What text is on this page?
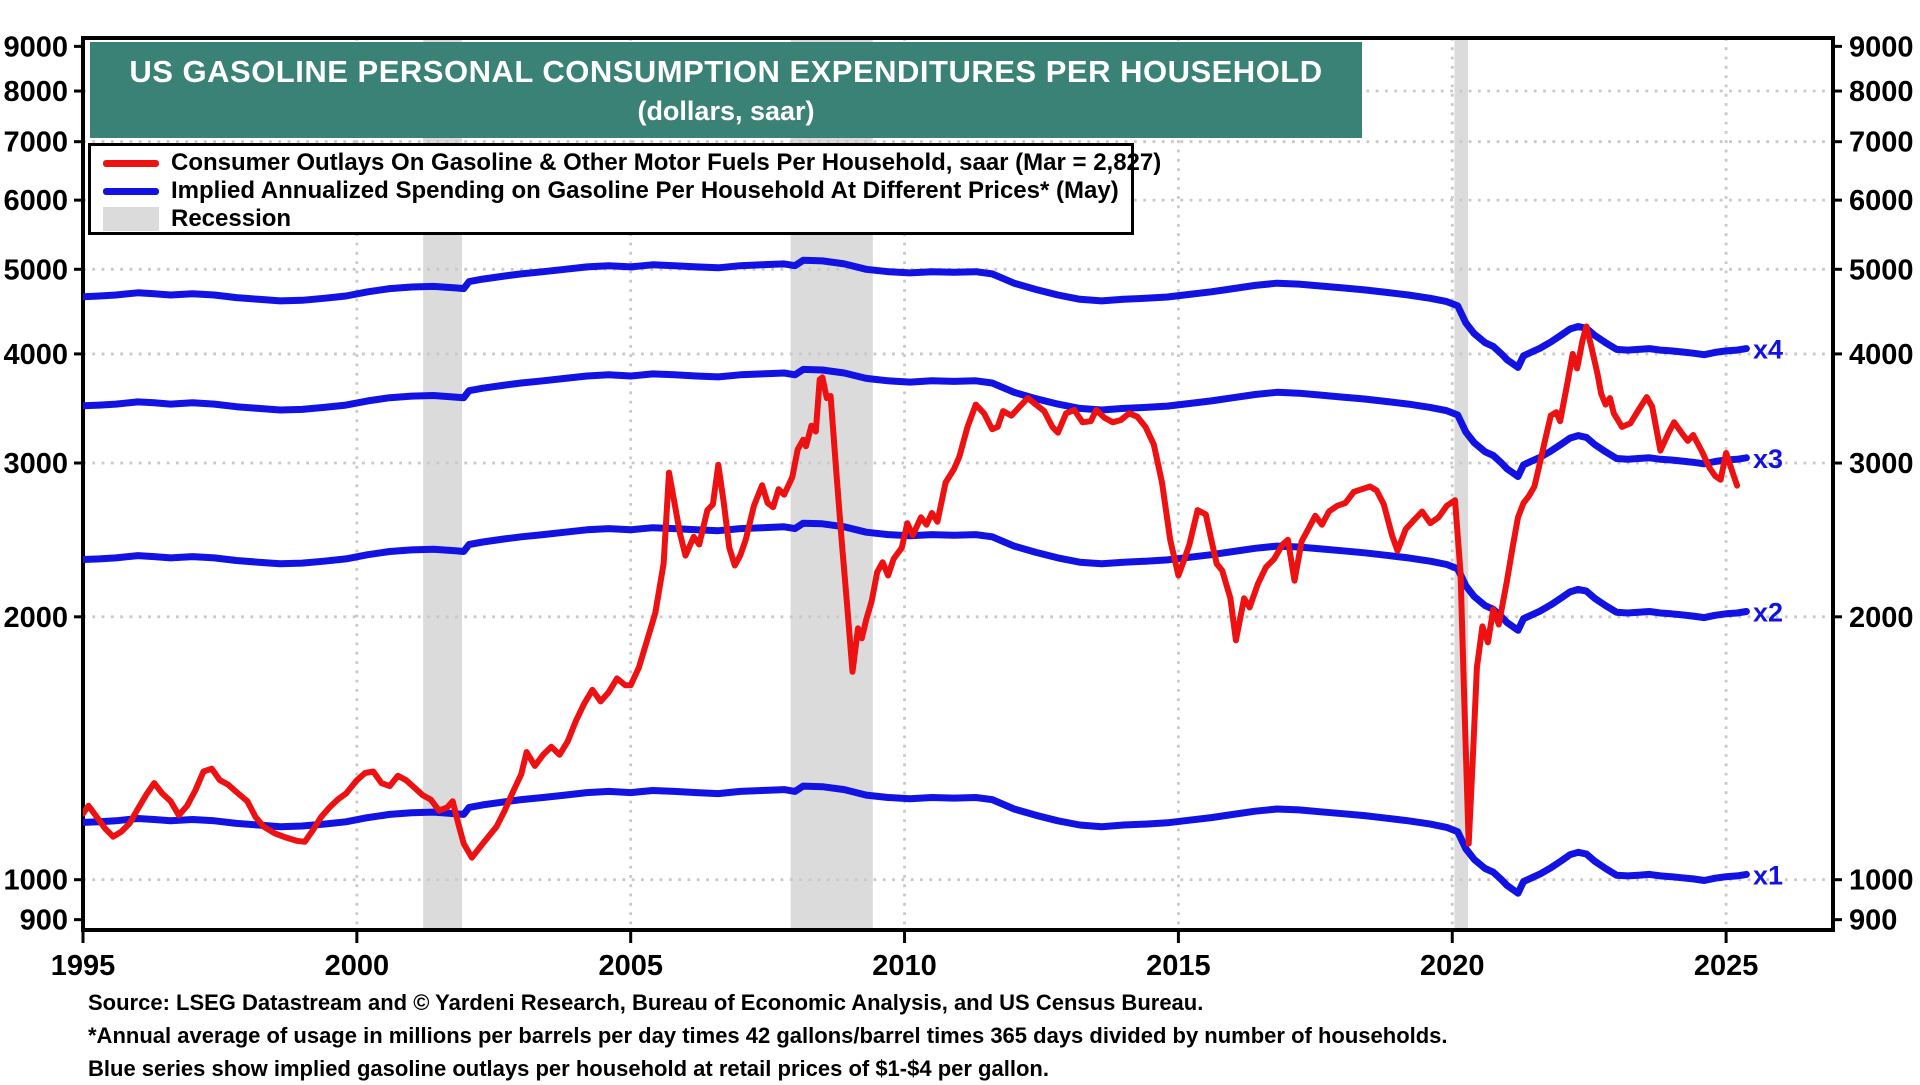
9000	9000
8000	8000
7000	7000
6000	6000
5000	5000
4000	4000
3000	3000
2000	2000
1000	1000
900	900
1995	2000	2005	2010	2015	2020	2025
x1
x2
x3
x4
US GASOLINE PERSONAL CONSUMPTION EXPENDITURES PER HOUSEHOLD
(dollars, saar)
Consumer Outlays On Gasoline & Other Motor Fuels Per Household, saar (Mar = 2,827)
Implied Annualized Spending on Gasoline Per Household At Different Prices* (May)
Recession
Source: LSEG Datastream and © Yardeni Research, Bureau of Economic Analysis, and US Census Bureau.
*Annual average of usage in millions per barrels per day times 42 gallons/barrel times 365 days divided by number of households.
Blue series show implied gasoline outlays per household at retail prices of $1-$4 per gallon.
